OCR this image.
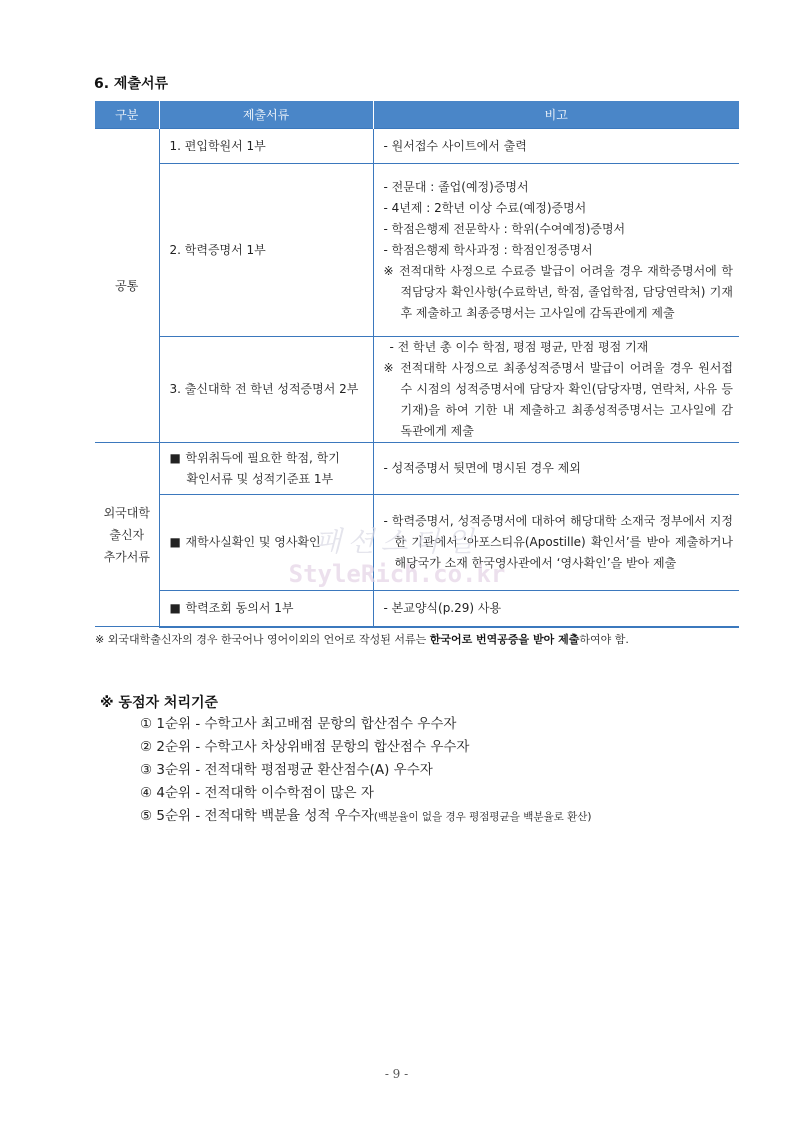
6. 제출서류
구분	제출서류	비고
공통	1. 편입학원서 1부	- 원서접수 사이트에서 출력

	2. 학력증명서 1부	- 전문대 : 졸업(예정)증명서
- 4년제 : 2학년 이상 수료(예정)증명서
- 학점은행제 전문학사 : 학위(수여예정)증명서
- 학점은행제 학사과정 : 학점인정증명서
※ 전적대학 사정으로 수료증 발급이 어려울 경우 재학증명서에 학적담당자 확인사항(수료학년, 학점, 졸업학점, 담당연락처) 기재 후 제출하고 최종증명서는 고사일에 감독관에게 제출

	3. 출신대학 전 학년 성적증명서 2부	- 전 학년 총 이수 학점, 평점 평균, 만점 평점 기재
※ 전적대학 사정으로 최종성적증명서 발급이 어려울 경우 원서접수 시점의 성적증명서에 담당자 확인(담당자명, 연락처, 사유 등 기재)을 하여 기한 내 제출하고 최종성적증명서는 고사일에 감독관에게 제출

외국대학
출신자
추가서류	■ 학위취득에 필요한 학점, 학기
확인서류 및 성적기준표 1부	- 성적증명서 뒷면에 명시된 경우 제외

	■ 재학사실확인 및 영사확인	- 학력증명서, 성적증명서에 대하여 해당대학 소재국 정부에서 지정한 기관에서 ‘아포스티유(Apostille) 확인서’를 받아 제출하거나 해당국가 소재 한국영사관에서 ‘영사확인’을 받아 제출

	■ 학력조회 동의서 1부	- 본교양식(p.29) 사용
※ 외국대학출신자의 경우 한국어나 영어이외의 언어로 작성된 서류는 한국어로 번역공증을 받아 제출하여야 함.
※ 동점자 처리기준
① 1순위 - 수학고사 최고배점 문항의 합산점수 우수자
② 2순위 - 수학고사 차상위배점 문항의 합산점수 우수자
③ 3순위 - 전적대학 평점평균 환산점수(A) 우수자
④ 4순위 - 전적대학 이수학점이 많은 자
⑤ 5순위 - 전적대학 백분율 성적 우수자(백분율이 없을 경우 평점평균을 백분율로 환산)
패션스타일
StyleRich.co.kr
- 9 -
